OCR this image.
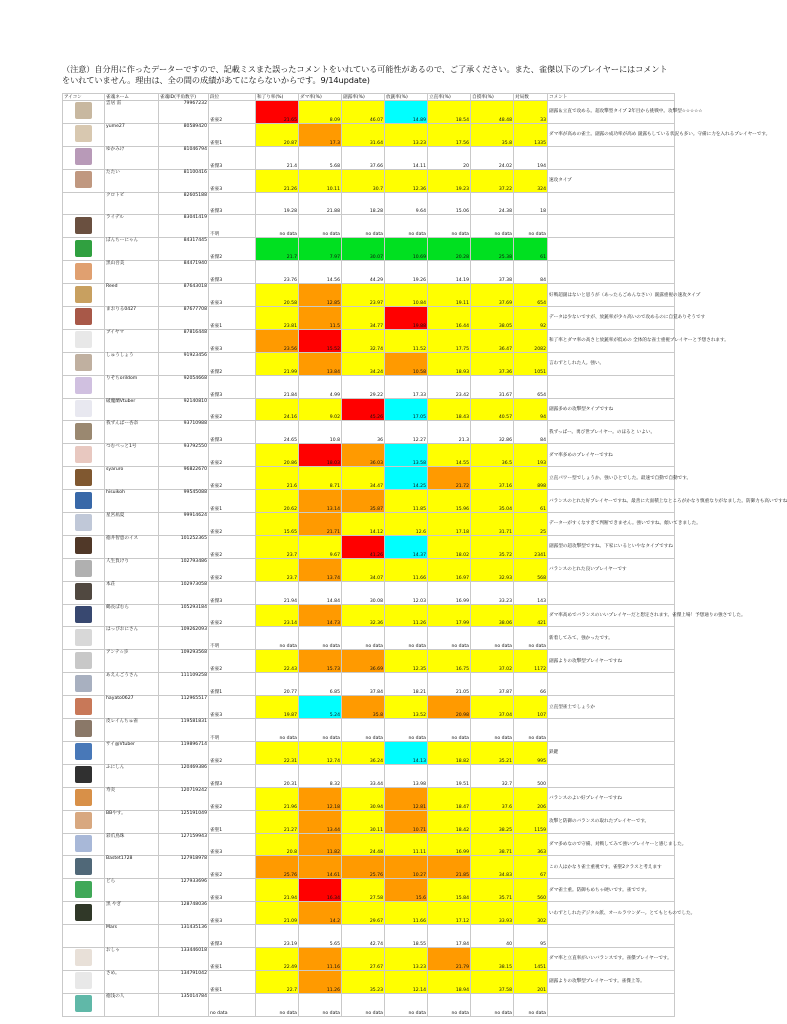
（注意）自分用に作ったデーターですので、記載ミスまた誤ったコメントをいれている可能性があるので、ご了承ください。また、雀傑以下のプレイヤーにはコメントをいれていません。理由は、全の間の成績があてにならないからです。9/14update)
アイコン	雀魂ネーム	雀魂ID(半角数字)	段位	和了り率(%)	ダマ率(%)	副露率(%)	放銃率(%)	立直率(%)	自摸率(%)	対局数	コメント
	雲居 雷	79967232	雀豪2	21.65	8.09	46.07	14.89	18.54	48.48	33	副露＆立直で攻める。超攻撃型タイプ 2年目から挑戦中。攻撃型☆☆☆☆☆
	yume27	80589420	雀聖1	20.87	17.3	31.64	13.23	17.56	35.8	1335	ダマ率が高めの雀士。副露の成功率が高め 副露もしている状況も多い。守備に力を入れるプレイヤーです。
	ゆかみけ	81046794	雀傑3	21.4	5.68	37.66	14.11	20	24.02	194	
	たたい	81100416	雀豪3	21.26	10.11	30.7	12.36	19.23	37.22	324	速攻タイプ
	クロトビ	82605188	雀傑3	19.28	21.88	18.28	9.64	15.06	24.38	18	
	ライデル	83041419	不明	no data	no data	no data	no data	no data	no data	no data	
	ぼんちーにゃん	84317445	雀傑2	21.7	7.97	30.07	10.69	20.28	25.38	61	
	黒山吾美	84471940	雀傑3	23.76	14.56	44.29	19.26	14.19	37.38	84	
	Reed	87643018	雀豪3	20.58	12.85	23.97	10.84	19.11	37.69	654	好戦超副はないと思うが（あったらごめんなさい）副露重視の速攻タイプ
	まおりる0427	87677708	雀豪1	23.81	11.5	34.77	19.88	16.44	38.05	92	データは少ないですが、放銃率が少々高いので攻めるのに自覚ありそうです
	ブイヤマ	87816448	雀豪3	23.56	15.52	32.74	11.52	17.75	36.47	2082	和了率とダマ率の高さと放銃率が低めの 全体的な雀士重視プレイヤーと予想されます。
	しゅうしょう	91923456	雀傑2	21.99	13.84	34.24	10.58	18.93	37.36	1051	言わずとしれた人。強い。
	りそちorildom	92054668	雀傑3	21.84	4.99	29.22	17.33	23.42	31.67	654	
	破魔蘭Vtuber	92140810	雀豪2	24.16	9.02	45.26	17.05	18.43	40.57	94	副露多めの攻撃型タイプですね
	我ずんぱー杏奈	93710988	雀傑3	24.65	10.8	36	12.27	21.3	32.86	84	我ずっぱー。勇び世プレイヤー。のほると いよい。
	つむべっと1号	93792550	雀豪2	20.86	18.03	36.03	13.58	14.55	36.5	193	ダマ率多めのプレイヤーですね
	syaruro	96822670	雀豪2	21.6	8.71	34.47	14.25	21.72	37.16	898	立直パワー型でしょうか。強いひとでした。最速で自動で自動です。
	hisuikoh	99545088	雀豪1	20.62	13.14	35.87	11.85	15.96	35.04	61	バランスのとれた好プレイヤーですね。最善に大面積上なところがかなり慎重なりがなました。防御力も高いですね
	星宮凪夏	99914624	雀豪2	15.65	21.71	14.12	12.6	17.18	31.71	25	データーがすくなすぎて判断できません。強いですね。傾いてきました。
	徳井智恵のイス	101252365	雀豪2	23.7	9.67	41.26	14.37	18.02	35.72	2341	副露型の超攻撃型ですね。下家にいるといやなタイプですね
	人生負けり	102793486	雀豪2	23.7	13.74	34.07	11.66	16.97	32.93	568	バランスのとれた良いプレイヤーです
	本荘	102973058	雀傑3	21.94	14.84	30.08	12.03	16.99	33.23	143	
	鶴長ぽむら	105293184	雀豪2	23.14	14.73	32.36	11.26	17.99	38.06	421	ダマ率高めでバランスのいいプレイヤーだと想定されます。雀傑上場！予想通りの強さでした。
	はっぴおにさん	109262093	不明	no data	no data	no data	no data	no data	no data	no data	新着してみて、強かったです。
	アンテ☆歩	109293568	雀豪2	22.43	15.73	36.69	12.35	16.75	37.02	1172	副露よりの攻撃型プレイヤーですね
	あえんごうさん	111109258	雀傑1	20.77	6.85	37.84	18.21	21.05	37.87	66	
	hayato0627	112965517	雀豪3	19.87	5.24	35.8	13.52	20.98	37.04	107	立直型雀士でしょうか
	皮レイんちゅ雀	119581831	不明	no data	no data	no data	no data	no data	no data	no data	
	サイ@Vtuber	119896714	雀豪2	22.31	12.74	36.24	14.13	18.82	35.21	995	鉄鍵
	ふにしん	120469386	雀傑3	20.31	8.32	33.44	13.98	19.51	32.7	500	
	寿炎	120719242	雀豪2	21.96	12.18	30.94	12.81	18.47	37.6	206	バランスのよい好プレイヤーですね
	BBやす。	125191049	雀聖1	21.27	13.44	30.11	10.71	18.42	38.25	1159	攻撃と防御のバランスの取れたプレイヤーです。
	彩爪鳥珠	127159943	雀豪3	20.8	11.82	24.48	11.11	16.99	38.71	363	ダマ多めなので守備、対戦してみて強いプレイヤーと感じました。
	Bastet1728	127918978	雀豪2	25.76	14.61	25.76	10.27	21.85	34.83	67	この人はかなり雀士重視です。雀聖2クラスと考えます
	どら	127933696	雀豪3	21.94	16.34	27.58	15.6	15.84	35.71	560	ダマ雀士重。防御もめちゃ硬いです。雀でです。
	黒 やぎ	128748036	雀豪3	21.09	14.2	29.67	11.66	17.12	33.93	302	いわずとしれたデジタル派、オールラウンダー。とてもとものでした。
	Mars	131435136	雀傑3	23.19	5.65	42.74	18.55	17.84	40	95	
	おしゃ	133446018	雀豪1	22.49	11.16	27.67	13.23	21.79	38.15	1451	ダマ率と立直率がいいバランスです。雀傑プレイヤーです。
	さめ。	134791042	雀豪1	22.7	11.26	35.23	12.14	18.94	37.58	201	副露よりの攻撃型プレイヤーです。雀傑上等。
	徳浅の人	135014784	no data	no data	no data	no data	no data	no data	no data	no data	
